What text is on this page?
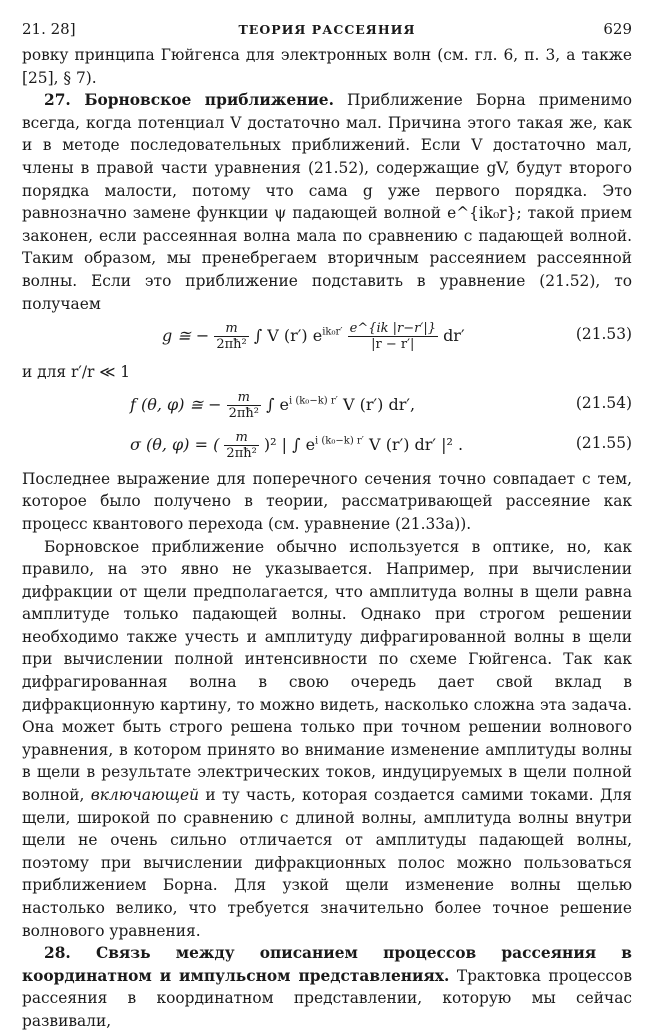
21. 28]	ТЕОРИЯ РАССЕЯНИЯ	629

ровку принципа Гюйгенса для электронных волн (см. гл. 6, п. 3, а также [25], § 7).

27. Борновское приближение. Приближение Борна применимо всегда, когда потенциал V достаточно мал. Причина этого такая же, как и в методе последовательных приближений. Если V достаточно мал, члены в правой части уравнения (21.52), содержащие gV, будут второго порядка малости, потому что сама g уже первого порядка. Это равнозначно замене функции ψ падающей волной e^{ik₀r}; такой прием законен, если рассеянная волна мала по сравнению с падающей волной. Таким образом, мы пренебрегаем вторичным рассеянием рассеянной волны. Если это приближение подставить в уравнение (21.52), то получаем

g ≅ − $\frac{m}{\text{2πħ²}}$ ∫ V (r′) $e^{ik_0r'} \frac{e\^{}\{ik |r-r'|\}}{|r - r'|} dr'$	(21.53)

и для r′/r ≪ 1

f (θ, φ) ≅ − $\frac{m}{\text{2πħ²}}$ ∫ $e^{i (k_0-k) r'}$ V (r′) dr′,	(21.54)
σ (θ, φ) = ( $\frac{m}{\text{2πħ²}} )^2$ | ∫ $e^{i (k_0-k) r'}$ V (r′) dr′ |² .	(21.55)

Последнее выражение для поперечного сечения точно совпадает с тем, которое было получено в теории, рассматривающей рассеяние как процесс квантового перехода (см. уравнение (21.33а)).

Борновское приближение обычно используется в оптике, но, как правило, на это явно не указывается. Например, при вычислении дифракции от щели предполагается, что амплитуда волны в щели равна амплитуде только падающей волны. Однако при строгом решении необходимо также учесть и амплитуду дифрагированной волны в щели при вычислении полной интенсивности по схеме Гюйгенса. Так как дифрагированная волна в свою очередь дает свой вклад в дифракционную картину, то можно видеть, насколько сложна эта задача. Она может быть строго решена только при точном решении волнового уравнения, в котором принято во внимание изменение амплитуды волны в щели в результате электрических токов, индуцируемых в щели полной волной, включающей и ту часть, которая создается самими токами. Для щели, широкой по сравнению с длиной волны, амплитуда волны внутри щели не очень сильно отличается от амплитуды падающей волны, поэтому при вычислении дифракционных полос можно пользоваться приближением Борна. Для узкой щели изменение волны щелью настолько велико, что требуется значительно более точное решение волнового уравнения.

28. Связь между описанием процессов рассеяния в координатном и импульсном представлениях. Трактовка процессов рассеяния в координатном представлении, которую мы сейчас развивали,
